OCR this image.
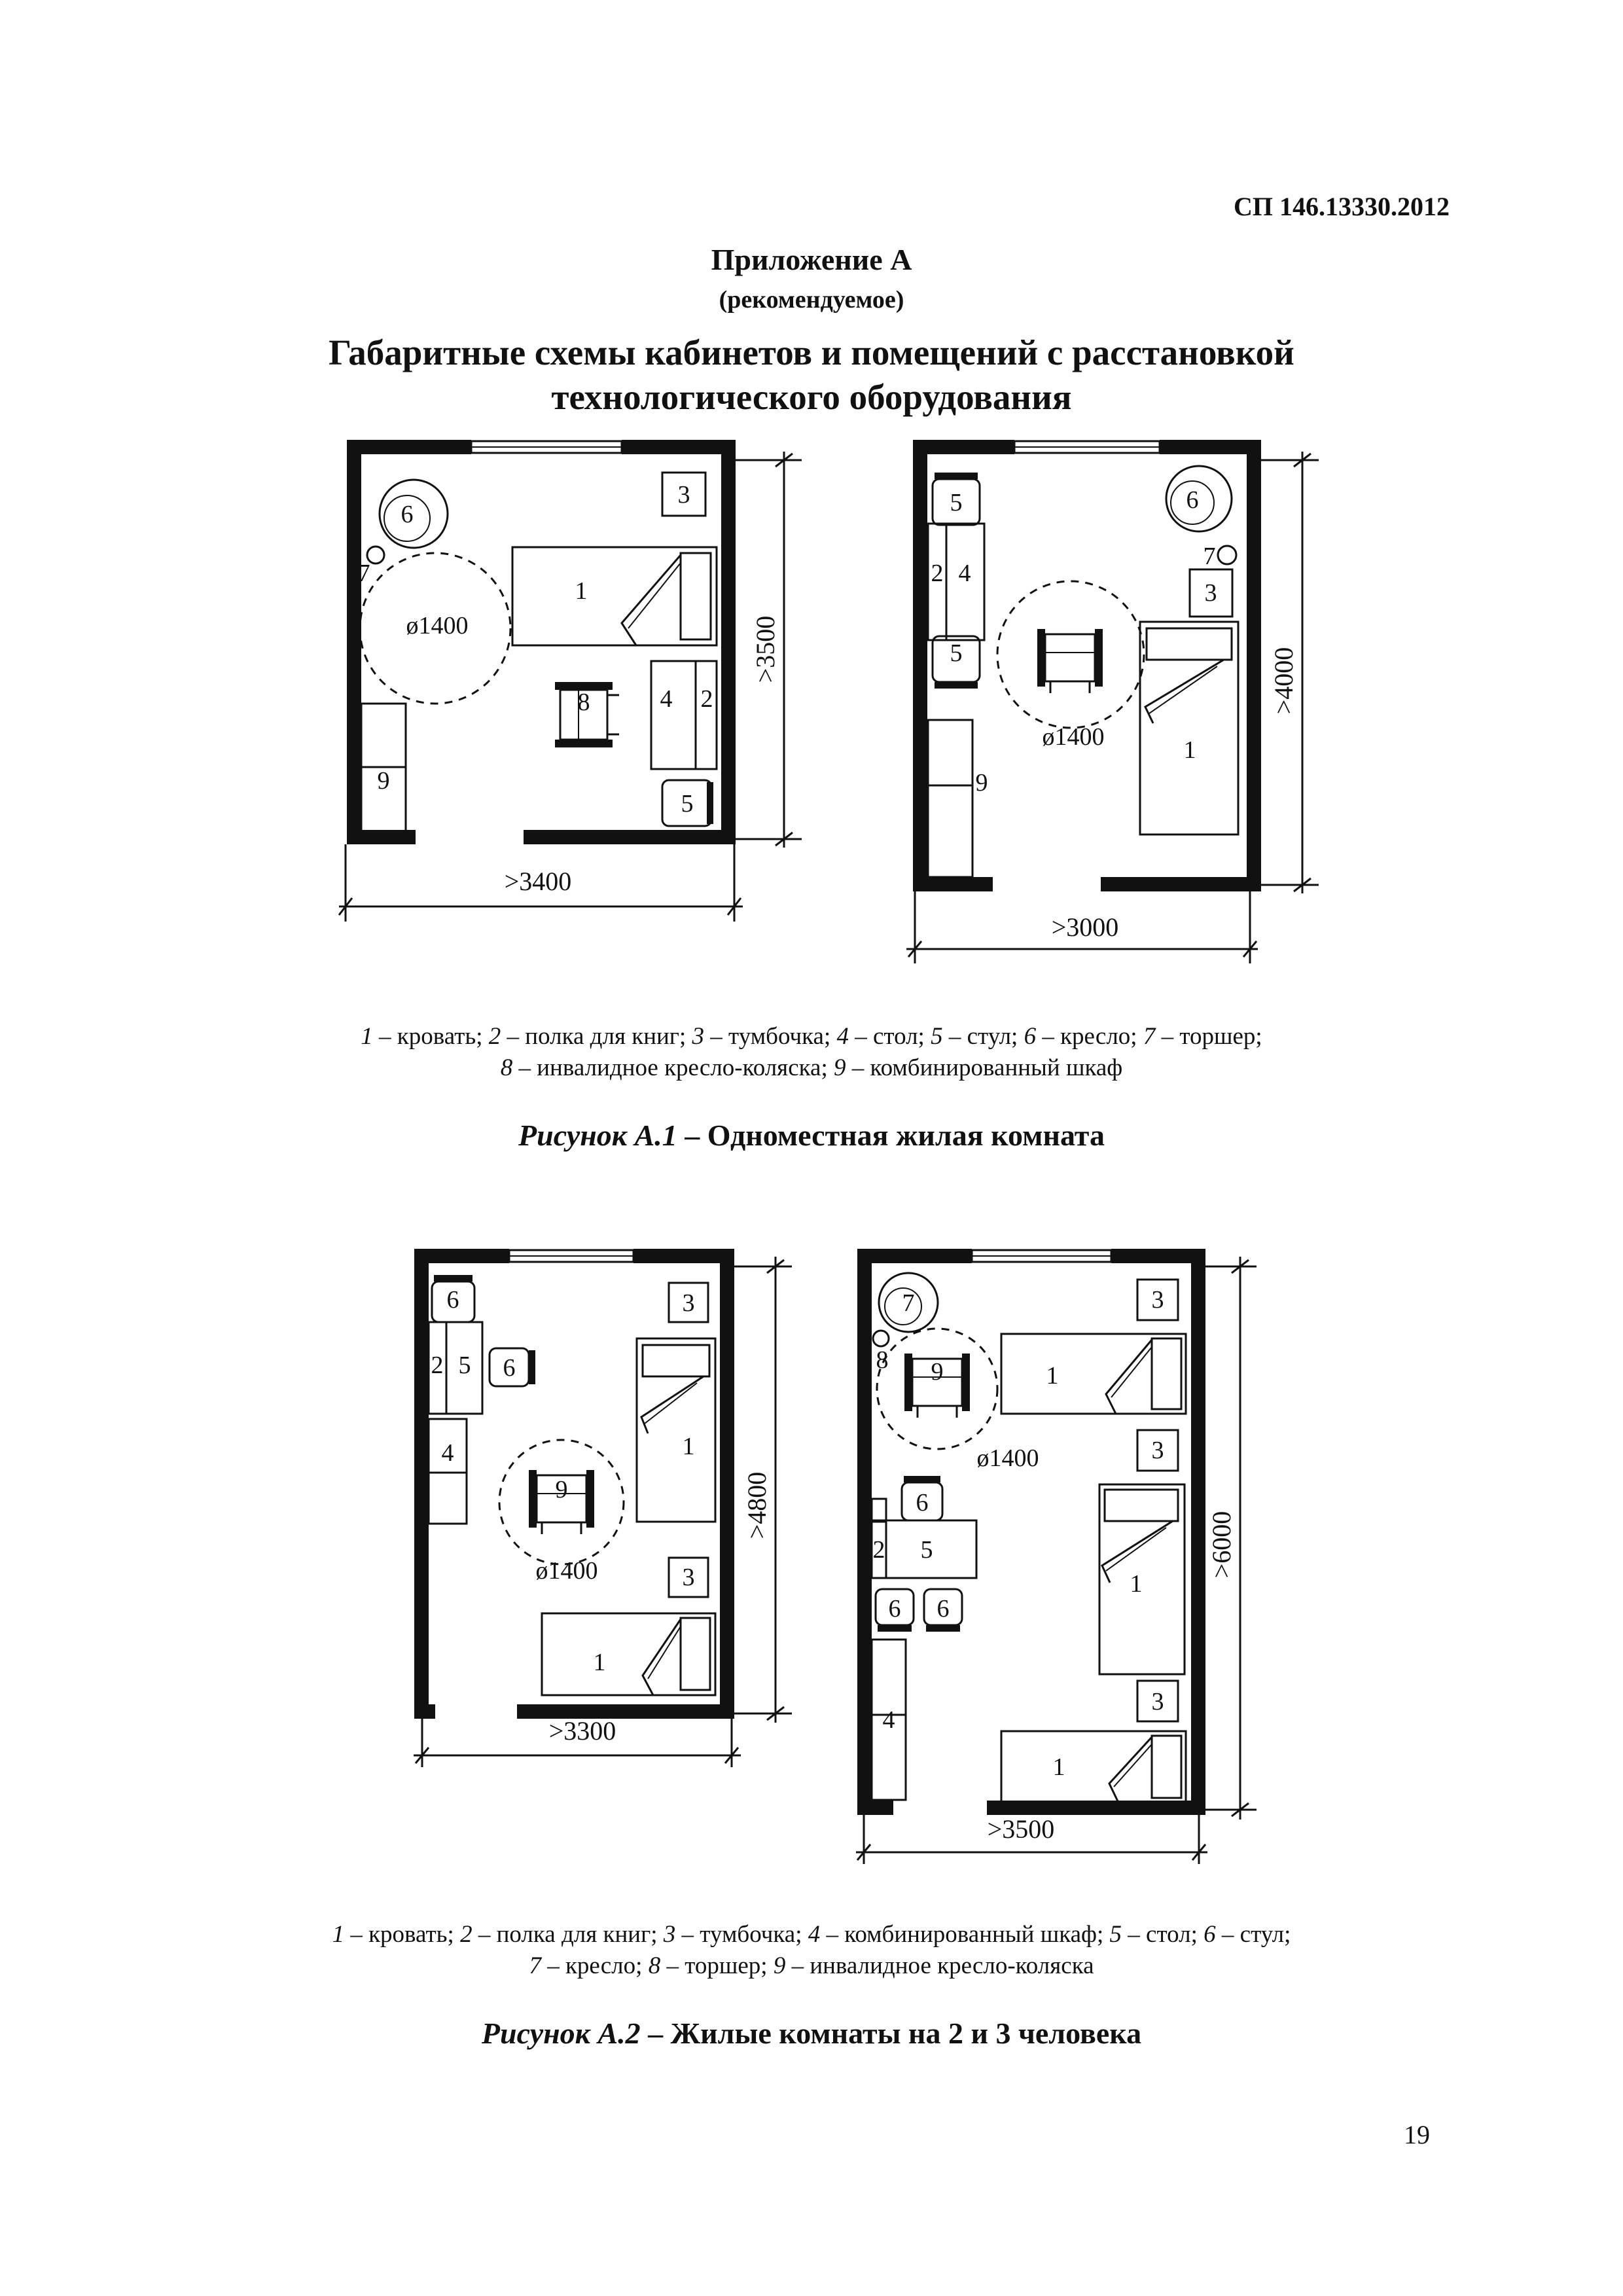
СП 146.13330.2012
Приложение А
(рекомендуемое)
Габаритные схемы кабинетов и помещений с расстановкой
технологического оборудования
6
7
3
1
ø1400
8	4 2
9
5
>3400
>3500
5	6
7
3
2 4
5
ø1400	1
9
>3000
>4000
6	3
2 5 6
4	1
9
ø1400	3
1
>3300
>4800
7	3
8 9	1
ø1400	3
6
2 5
1
6 6
3
4
1
>3500
>6000
1 – кровать; 2 – полка для книг; 3 – тумбочка; 4 – стол; 5 – стул; 6 – кресло; 7 – торшер;
8 – инвалидное кресло-коляска; 9 – комбинированный шкаф
Рисунок А.1 – Одноместная жилая комната
1 – кровать; 2 – полка для книг; 3 – тумбочка; 4 – комбинированный шкаф; 5 – стол; 6 – стул;
7 – кресло; 8 – торшер; 9 – инвалидное кресло-коляска
Рисунок А.2 – Жилые комнаты на 2 и 3 человека
19
